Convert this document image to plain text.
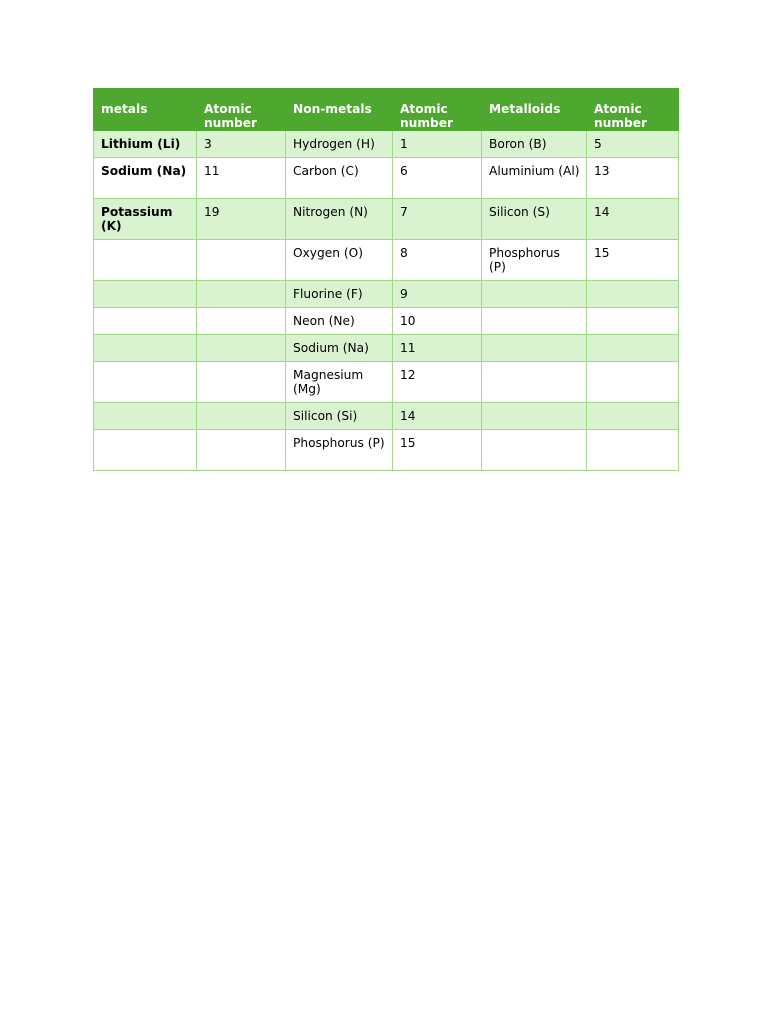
metals	Atomic number	Non-metals	Atomic number	Metalloids	Atomic number
Lithium (Li)	3	Hydrogen (H)	1	Boron (B)	5
Sodium (Na)	11	Carbon (C)	6	Aluminium (Al)	13
Potassium (K)	19	Nitrogen (N)	7	Silicon (S)	14
		Oxygen (O)	8	Phosphorus (P)	15
		Fluorine (F)	9		
		Neon (Ne)	10		
		Sodium (Na)	11		
		Magnesium (Mg)	12		
		Silicon (Si)	14		
		Phosphorus (P)	15		
